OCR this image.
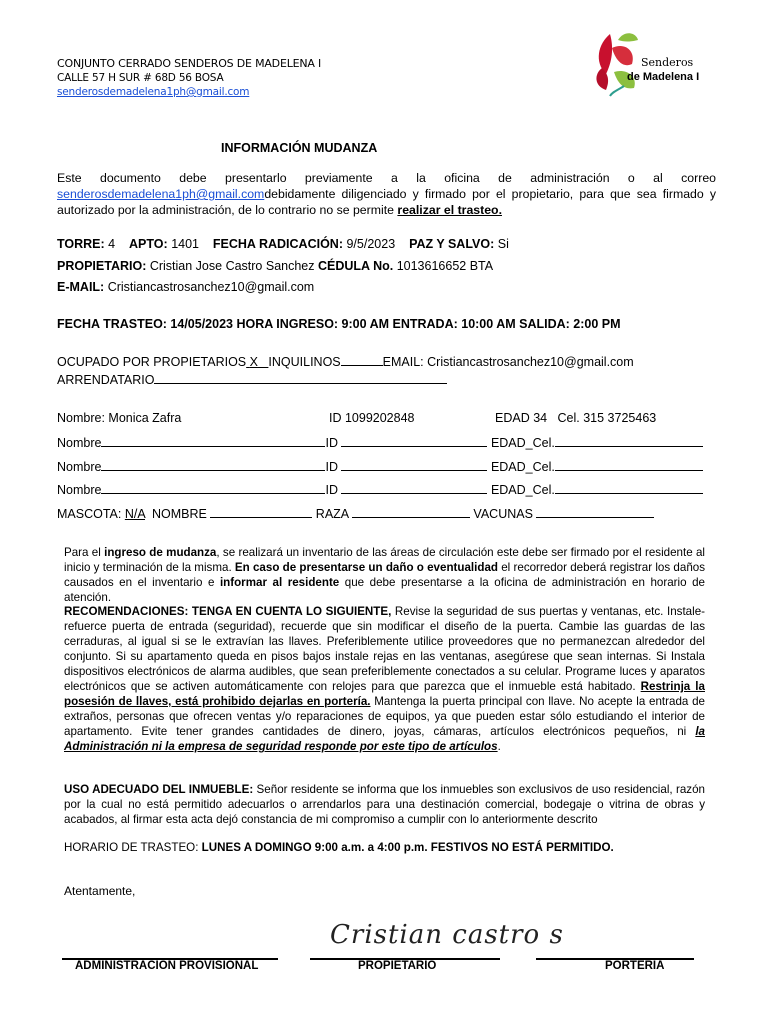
CONJUNTO CERRADO SENDEROS DE MADELENA I
CALLE 57 H SUR # 68D 56 BOSA
senderosdemadelena1ph@gmail.com
Senderos
de Madelena I
INFORMACIÓN MUDANZA
Este documento debe presentarlo previamente a la oficina de administración o al correo senderosdemadelena1ph@gmail.comdebidamente diligenciado y firmado por el propietario, para que sea firmado y autorizado por la administración, de lo contrario no se permite realizar el trasteo.
TORRE: 4 APTO: 1401 FECHA RADICACIÓN: 9/5/2023 PAZ Y SALVO: Si
PROPIETARIO: Cristian Jose Castro Sanchez CÉDULA No. 1013616652 BTA
E-MAIL: Cristiancastrosanchez10@gmail.com
FECHA TRASTEO: 14/05/2023 HORA INGRESO: 9:00 AM ENTRADA: 10:00 AM SALIDA: 2:00 PM
OCUPADO POR PROPIETARIOS X INQUILINOS	EMAIL: Cristiancastrosanchez10@gmail.com
ARRENDATARIO
Nombre: Monica Zafra	ID 1099202848	EDAD 34 Cel. 315 3725463
Nombre	ID	EDAD_Cel.
Nombre	ID	EDAD_Cel.
Nombre	ID	EDAD_Cel.
MASCOTA: N/A NOMBRE	RAZA	VACUNAS
Para el ingreso de mudanza, se realizará un inventario de las áreas de circulación este debe ser firmado por el residente al inicio y terminación de la misma. En caso de presentarse un daño o eventualidad el recorredor deberá registrar los daños causados en el inventario e informar al residente que debe presentarse a la oficina de administración en horario de atención.
RECOMENDACIONES: TENGA EN CUENTA LO SIGUIENTE, Revise la seguridad de sus puertas y ventanas, etc. Instale-refuerce puerta de entrada (seguridad), recuerde que sin modificar el diseño de la puerta. Cambie las guardas de las cerraduras, al igual si se le extravían las llaves. Preferiblemente utilice proveedores que no permanezcan alrededor del conjunto. Si su apartamento queda en pisos bajos instale rejas en las ventanas, asegúrese que sean internas. Si Instala dispositivos electrónicos de alarma audibles, que sean preferiblemente conectados a su celular. Programe luces y aparatos electrónicos que se activen automáticamente con relojes para que parezca que el inmueble está habitado. Restrinja la posesión de llaves, está prohibido dejarlas en portería. Mantenga la puerta principal con llave. No acepte la entrada de extraños, personas que ofrecen ventas y/o reparaciones de equipos, ya que pueden estar sólo estudiando el interior de apartamento. Evite tener grandes cantidades de dinero, joyas, cámaras, artículos electrónicos pequeños, ni la Administración ni la empresa de seguridad responde por este tipo de artículos.
USO ADECUADO DEL INMUEBLE: Señor residente se informa que los inmuebles son exclusivos de uso residencial, razón por la cual no está permitido adecuarlos o arrendarlos para una destinación comercial, bodegaje o vitrina de obras y acabados, al firmar esta acta dejó constancia de mi compromiso a cumplir con lo anteriormente descrito
HORARIO DE TRASTEO: LUNES A DOMINGO 9:00 a.m. a 4:00 p.m. FESTIVOS NO ESTÁ PERMITIDO.
Atentamente,
Cristian castro s
ADMINISTRACIÓN PROVISIONAL	PROPIETARIO	PORTERÍA
